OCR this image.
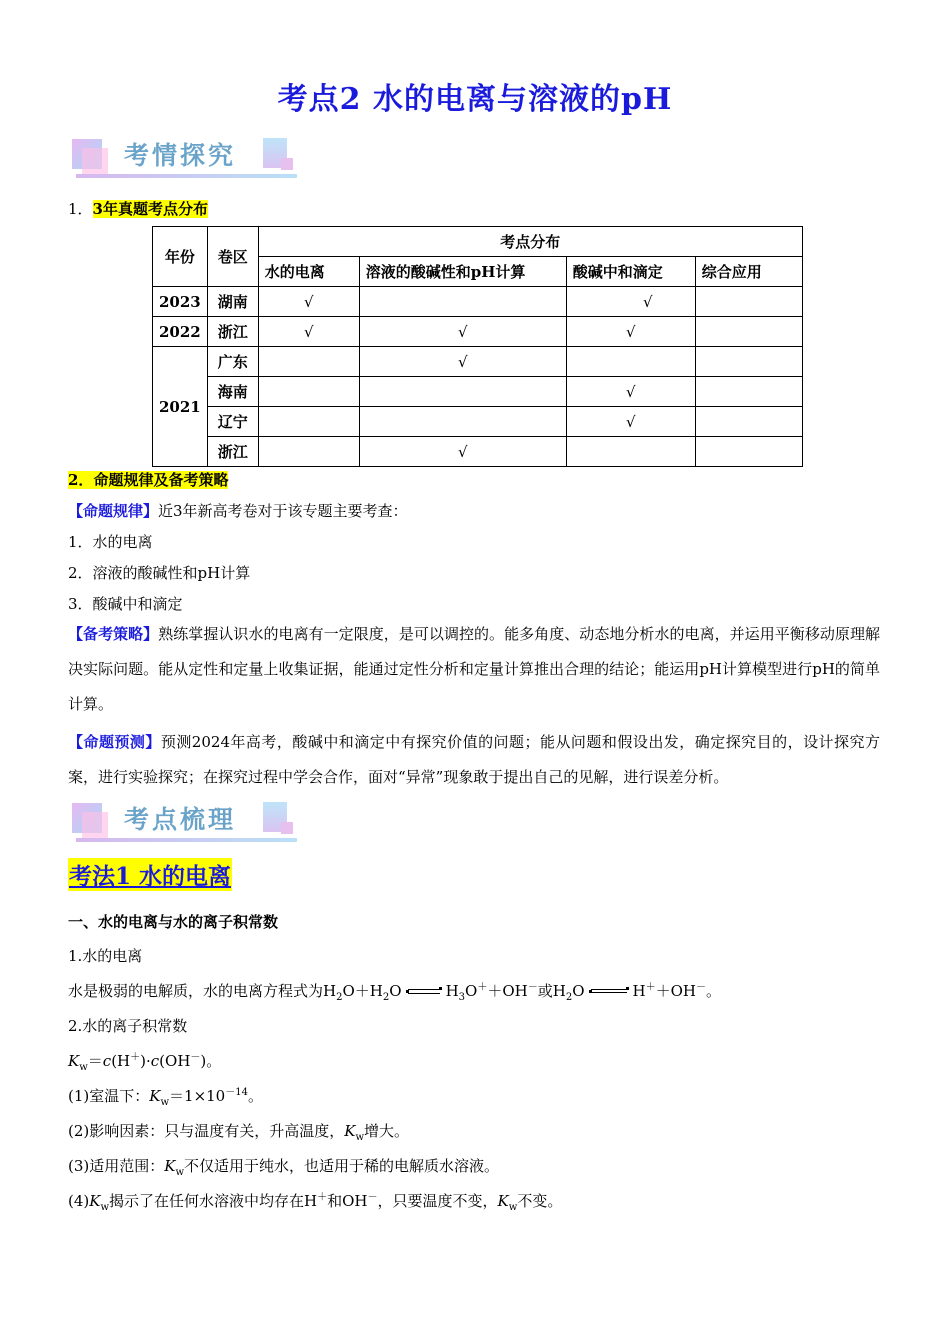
考点2 水的电离与溶液的pH
考情探究
1．3年真题考点分布
年份	卷区	考点分布			
		水的电离	溶液的酸碱性和pH计算	酸碱中和滴定	综合应用
2023	湖南	√		√	
2022	浙江	√	√	√	
2021	广东		√		
	海南			√	
	辽宁			√	
	浙江		√		
2．命题规律及备考策略
【命题规律】近3年新高考卷对于该专题主要考查：
1．水的电离
2．溶液的酸碱性和pH计算
3．酸碱中和滴定
【备考策略】熟练掌握认识水的电离有一定限度，是可以调控的。能多角度、动态地分析水的电离，并运用平衡移动原理解决实际问题。能从定性和定量上收集证据，能通过定性分析和定量计算推出合理的结论；能运用pH计算模型进行pH的简单计算。
【命题预测】预测2024年高考，酸碱中和滴定中有探究价值的问题；能从问题和假设出发，确定探究目的，设计探究方案，进行实验探究；在探究过程中学会合作，面对“异常”现象敢于提出自己的见解，进行误差分析。
考点梳理
考法1 水的电离
一、水的电离与水的离子积常数
1.水的电离
水是极弱的电解质，水的电离方程式为$H_2O+H_2O$	$H_3O^++OH^-$或$H_2O$	H＋＋OH－。
2.水的离子积常数
$K_w=c(H^+)\cdot c(OH^-)$。
(1)室温下：$K_w=1\times 10^{-14}$。
(2)影响因素：只与温度有关，升高温度，$K_w$增大。
(3)适用范围：$K_w$不仅适用于纯水，也适用于稀的电解质水溶液。
$(4)K_w$揭示了在任何水溶液中均存在H＋和OH－，只要温度不变，$K_w$不变。
